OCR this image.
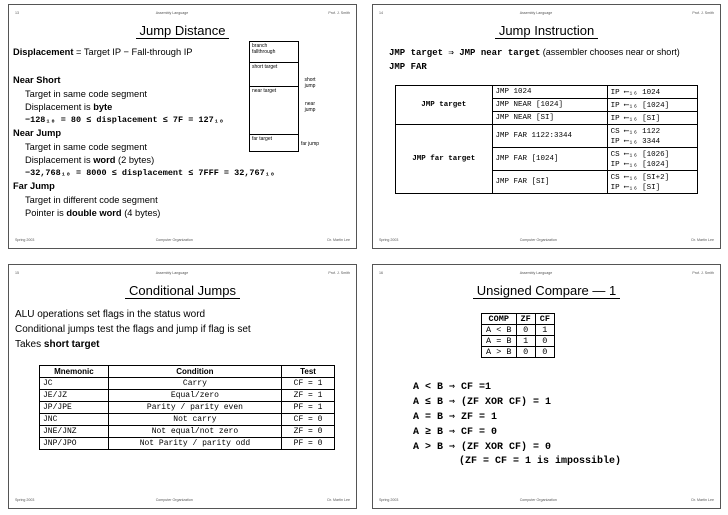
13	Assembly Language	Prof. J. Smith
Jump Distance
Displacement = Target IP − Fall-through IP
Near Short
Target in same code segment
Displacement is byte
−128₁₀ = 80 ≤ displacement ≤ 7F = 127₁₀
Near Jump
Target in same code segment
Displacement is word (2 bytes)
−32,768₁₀ = 8000 ≤ displacement ≤ 7FFF = 32,767₁₀
Far Jump
Target in different code segment
Pointer is double word (4 bytes)
branch
fallthrough
short target
near target
far target
short jump
near jump
far jump
Spring 2003	Computer Organization	Dr. Martin Lee
14	Assembly Language	Prof. J. Smith
Jump Instruction
JMP target ⇒ JMP near target (assembler chooses near or short)
JMP FAR
JMP target	JMP 1024	IP ⟵₁₆ 1024
	JMP NEAR [1024]	IP ⟵₁₆ [1024]
	JMP NEAR [SI]	IP ⟵₁₆ [SI]
JMP far target	JMP FAR 1122:3344	CS ⟵₁₆ 1122
IP ⟵₁₆ 3344

	JMP FAR [1024]	CS ⟵₁₆ [1026]
IP ⟵₁₆ [1024]

	JMP FAR [SI]	CS ⟵₁₆ [SI+2]
IP ⟵₁₆ [SI]
Spring 2003	Computer Organization	Dr. Martin Lee
15	Assembly Language	Prof. J. Smith
Conditional Jumps
ALU operations set flags in the status word
Conditional jumps test the flags and jump if flag is set
Takes short target
Mnemonic	Condition	Test
JC	Carry	CF = 1
JE/JZ	Equal/zero	ZF = 1
JP/JPE	Parity / parity even	PF = 1
JNC	Not carry	CF = 0
JNE/JNZ	Not equal/not zero	ZF = 0
JNP/JPO	Not Parity / parity odd	PF = 0
Spring 2003	Computer Organization	Dr. Martin Lee
16	Assembly Language	Prof. J. Smith
Unsigned Compare — 1
COMP	ZF	CF
A < B	0	1
A = B	1	0
A > B	0	0
A < B ⇒ CF =1
A ≤ B ⇒ (ZF XOR CF) = 1
A = B ⇒ ZF = 1
A ≥ B ⇒ CF = 0
A > B ⇒ (ZF XOR CF) = 0
(ZF = CF = 1 is impossible)
Spring 2003	Computer Organization	Dr. Martin Lee
